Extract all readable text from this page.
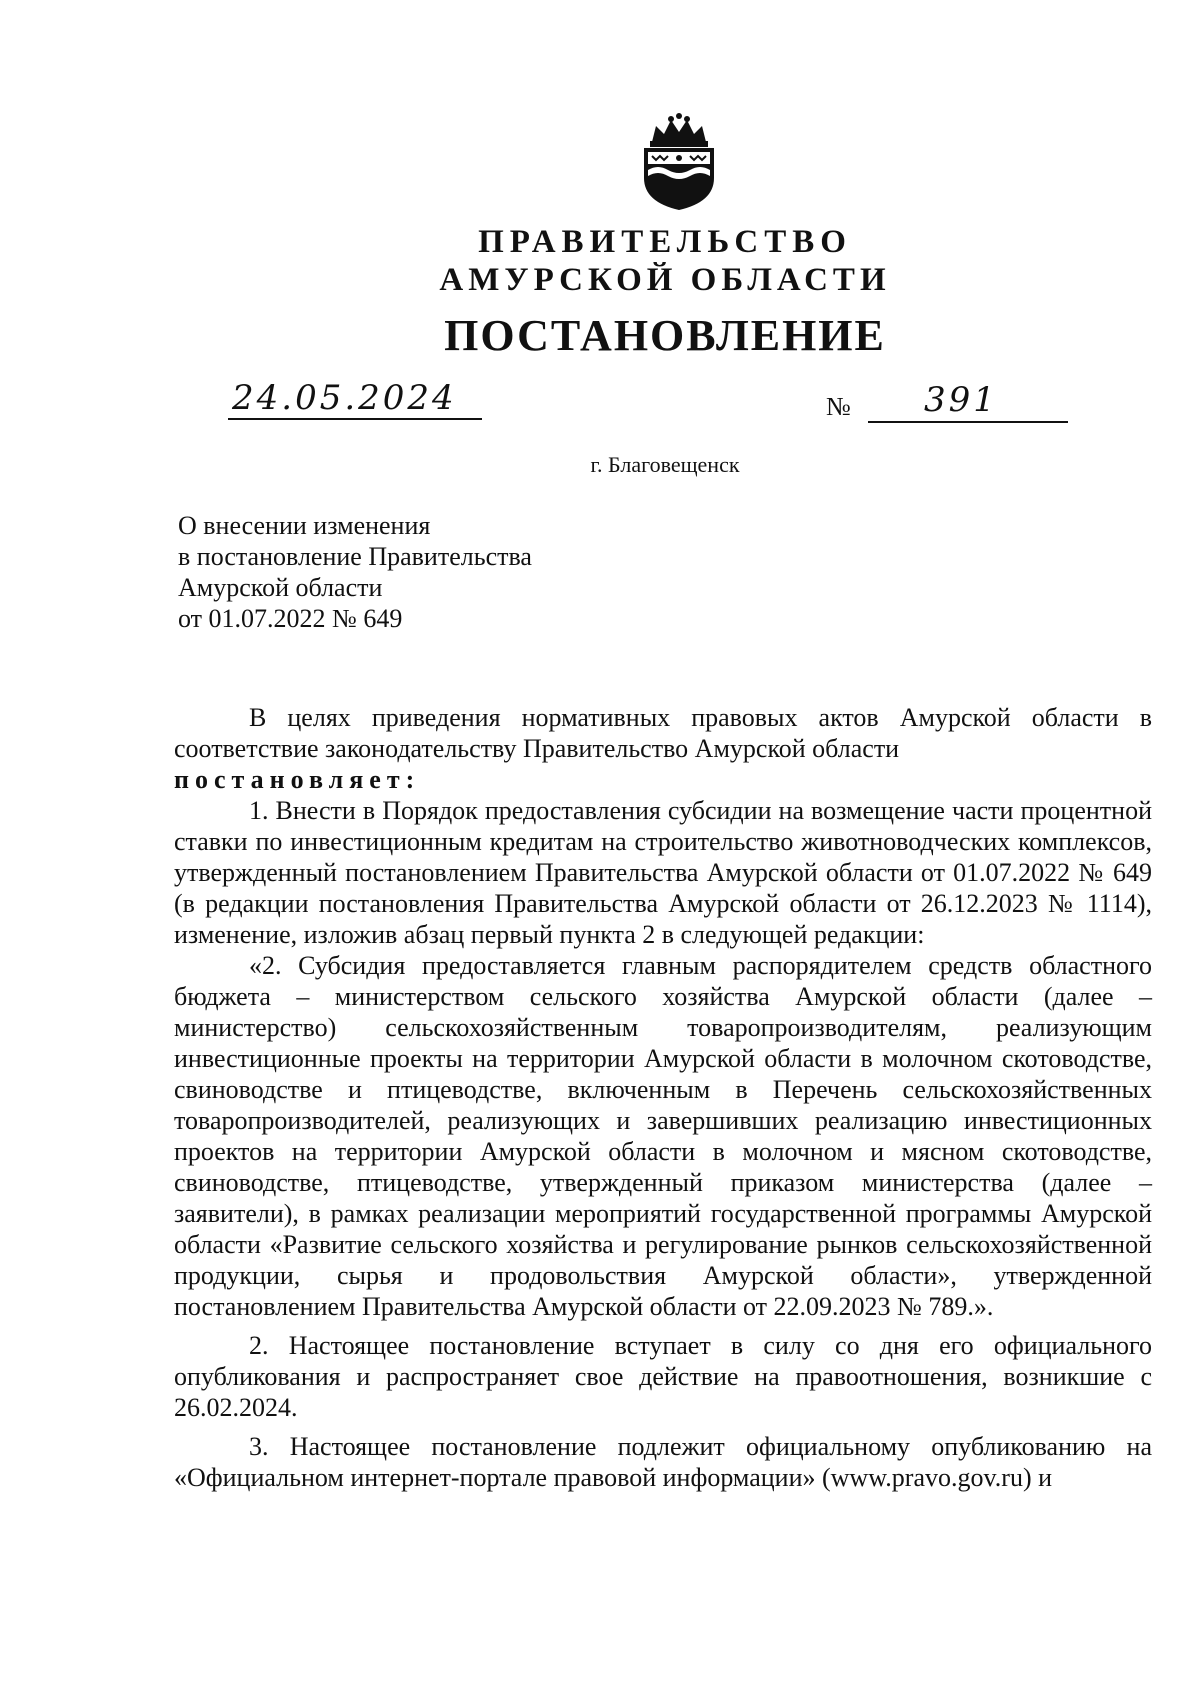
ПРАВИТЕЛЬСТВО
АМУРСКОЙ ОБЛАСТИ
ПОСТАНОВЛЕНИЕ
24.05.2024	№ 391
г. Благовещенск
О внесении изменения
в постановление Правительства
Амурской области
от 01.07.2022 № 649

В целях приведения нормативных правовых актов Амурской области в соответствие законодательству Правительство Амурской области

постановляет:

1. Внести в Порядок предоставления субсидии на возмещение части процентной ставки по инвестиционным кредитам на строительство животноводческих комплексов, утвержденный постановлением Правительства Амурской области от 01.07.2022 № 649 (в редакции постановления Правительства Амурской области от 26.12.2023 № 1114), изменение, изложив абзац первый пункта 2 в следующей редакции:

«2. Субсидия предоставляется главным распорядителем средств областного бюджета – министерством сельского хозяйства Амурской области (далее – министерство) сельскохозяйственным товаропроизводителям, реализующим инвестиционные проекты на территории Амурской области в молочном скотоводстве, свиноводстве и птицеводстве, включенным в Перечень сельскохозяйственных товаропроизводителей, реализующих и завершивших реализацию инвестиционных проектов на территории Амурской области в молочном и мясном скотоводстве, свиноводстве, птицеводстве, утвержденный приказом министерства (далее – заявители), в рамках реализации мероприятий государственной программы Амурской области «Развитие сельского хозяйства и регулирование рынков сельскохозяйственной продукции, сырья и продовольствия Амурской области», утвержденной постановлением Правительства Амурской области от 22.09.2023 № 789.».

2. Настоящее постановление вступает в силу со дня его официального опубликования и распространяет свое действие на правоотношения, возникшие с 26.02.2024.

3. Настоящее постановление подлежит официальному опубликованию на «Официальном интернет-портале правовой информации» (www.pravo.gov.ru) и
